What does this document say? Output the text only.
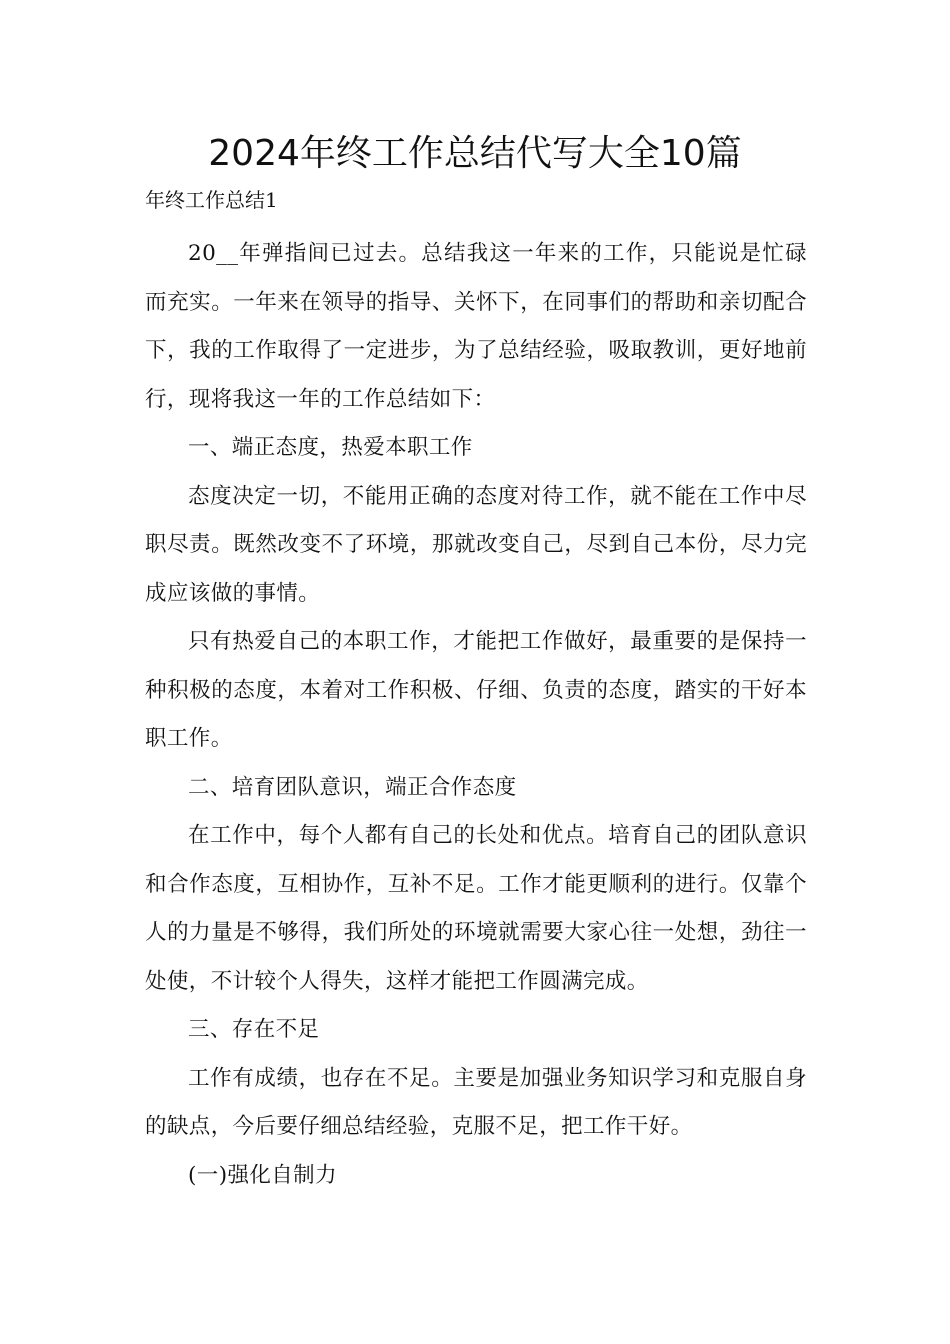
2024年终工作总结代写大全10篇

年终工作总结1

20__年弹指间已过去。总结我这一年来的工作，只能说是忙碌而充实。一年来在领导的指导、关怀下，在同事们的帮助和亲切配合下，我的工作取得了一定进步，为了总结经验，吸取教训，更好地前行，现将我这一年的工作总结如下：

一、端正态度，热爱本职工作

态度决定一切，不能用正确的态度对待工作，就不能在工作中尽职尽责。既然改变不了环境，那就改变自己，尽到自己本份，尽力完成应该做的事情。

只有热爱自己的本职工作，才能把工作做好，最重要的是保持一种积极的态度，本着对工作积极、仔细、负责的态度，踏实的干好本职工作。

二、培育团队意识，端正合作态度

在工作中，每个人都有自己的长处和优点。培育自己的团队意识和合作态度，互相协作，互补不足。工作才能更顺利的进行。仅靠个人的力量是不够得，我们所处的环境就需要大家心往一处想，劲往一处使，不计较个人得失，这样才能把工作圆满完成。

三、存在不足

工作有成绩，也存在不足。主要是加强业务知识学习和克服自身的缺点，今后要仔细总结经验，克服不足，把工作干好。

(一)强化自制力
